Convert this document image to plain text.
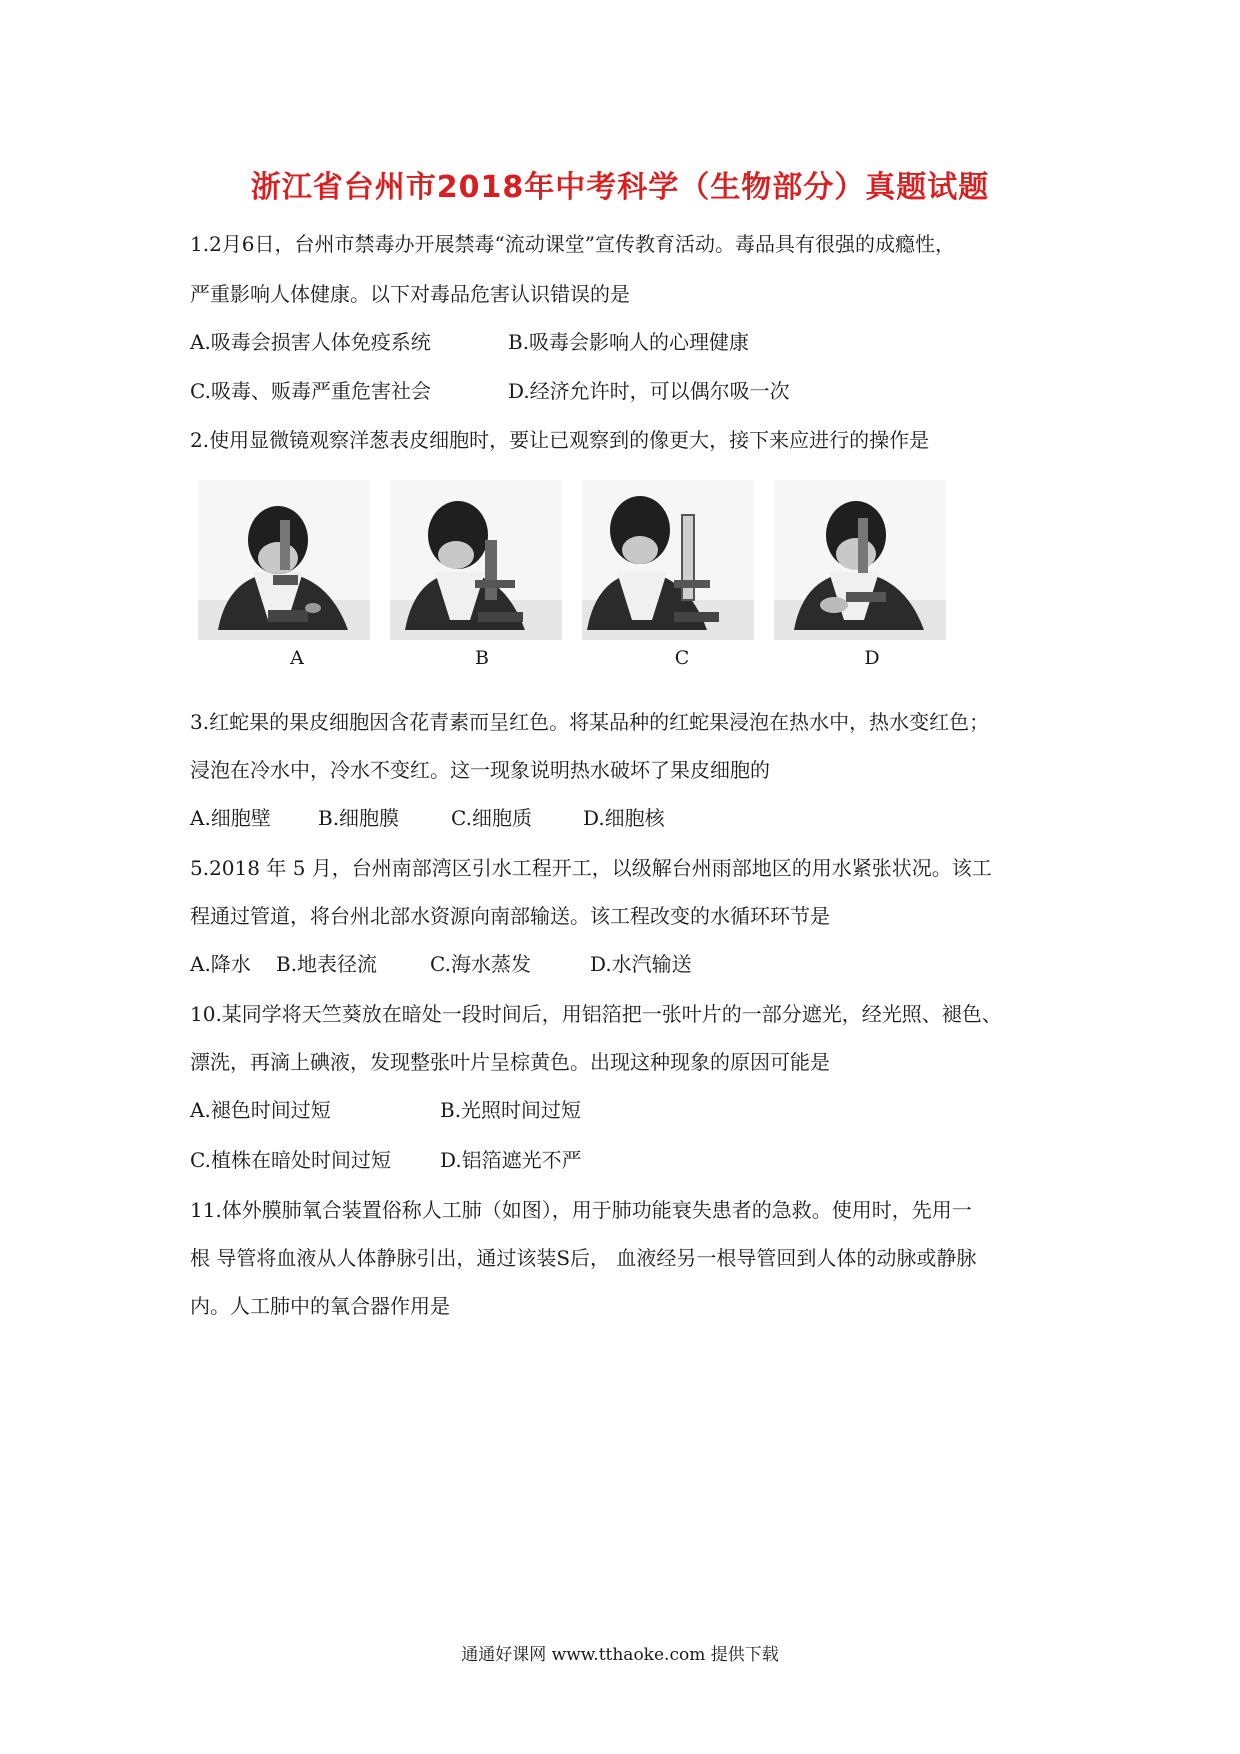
浙江省台州市2018年中考科学（生物部分）真题试题
1.2月6日，台州市禁毒办开展禁毒“流动课堂”宣传教育活动。毒品具有很强的成瘾性，
严重影响人体健康。以下对毒品危害认识错误的是
A.吸毒会损害人体免疫系统	B.吸毒会影响人的心理健康
C.吸毒、贩毒严重危害社会	D.经济允许时，可以偶尔吸一次
2.使用显微镜观察洋葱表皮细胞时，要让已观察到的像更大，接下来应进行的操作是
A	B	C	D
3.红蛇果的果皮细胞因含花青素而呈红色。将某品种的红蛇果浸泡在热水中，热水变红色；
浸泡在冷水中，冷水不变红。这一现象说明热水破坏了果皮细胞的
A.细胞壁 B.细胞膜	C.细胞质	D.细胞核
5.2018 年 5 月，台州南部湾区引水工程开工，以级解台州雨部地区的用水紧张状况。该工
程通过管道，将台州北部水资源向南部输送。该工程改变的水循环环节是
A.降水 B.地表径流	C.海水蒸发	D.水汽输送
10.某同学将天竺葵放在暗处一段时间后，用铝箔把一张叶片的一部分遮光，经光照、褪色、
漂洗，再滴上碘液，发现整张叶片呈棕黄色。出现这种现象的原因可能是
A.褪色时间过短	B.光照时间过短
C.植株在暗处时间过短 D.铝箔遮光不严
11.体外膜肺氧合装置俗称人工肺（如图），用于肺功能衰失患者的急救。使用时，先用一
根 导管将血液从人体静脉引出，通过该装S后， 血液经另一根导管回到人体的动脉或静脉
内。人工肺中的氧合器作用是
通通好课网 www.tthaoke.com 提供下载
